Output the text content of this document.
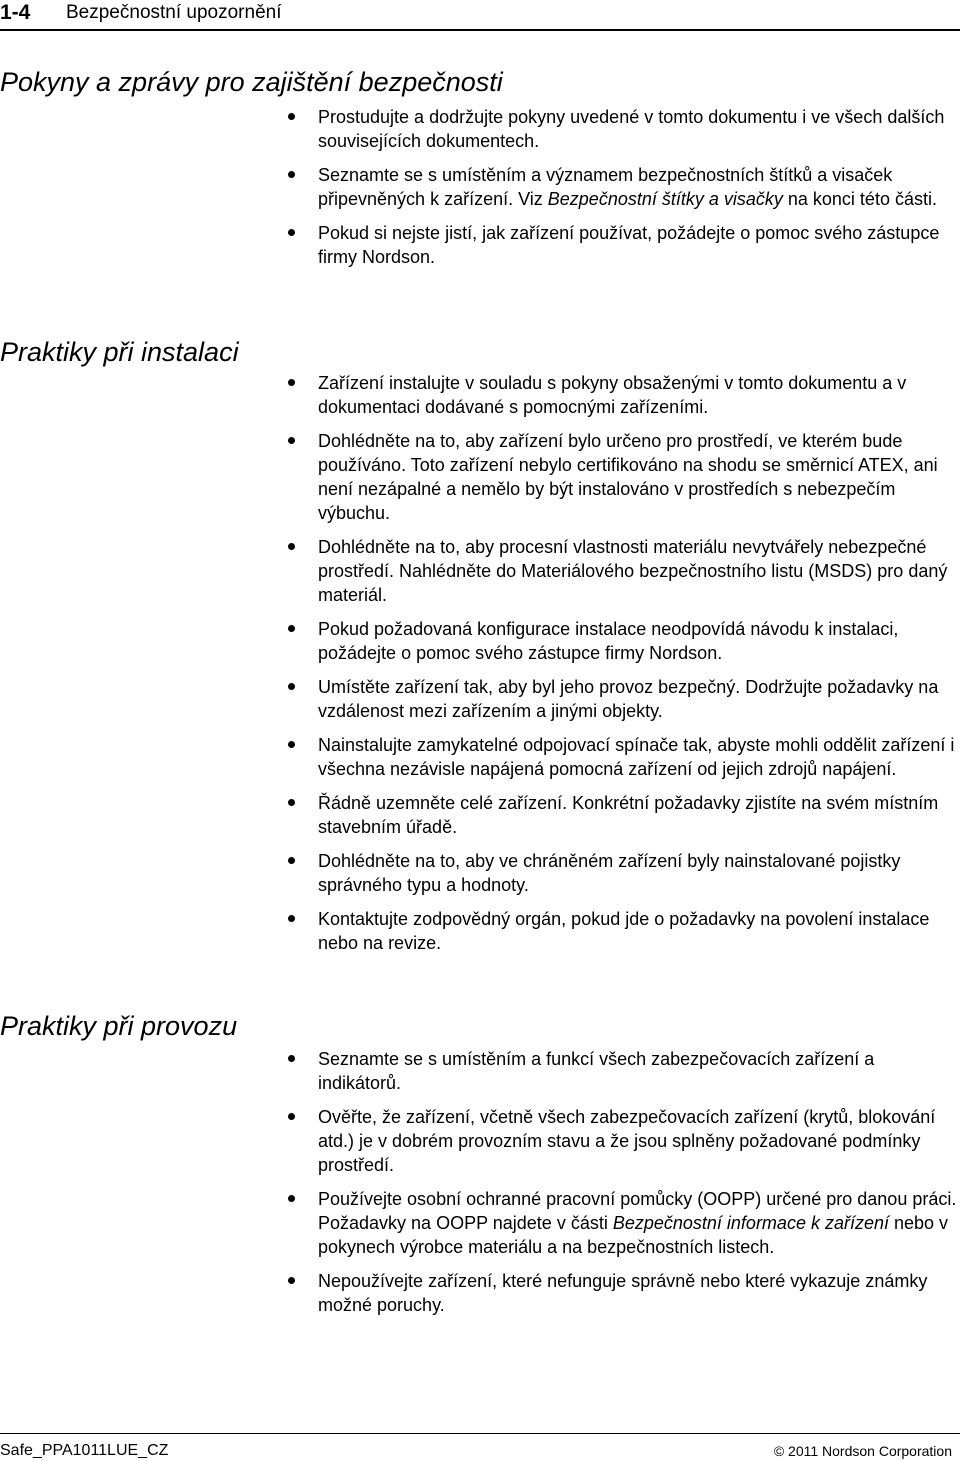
1-4 Bezpečnostní upozornění
Pokyny a zprávy pro zajištění bezpečnosti
Prostudujte a dodržujte pokyny uvedené v tomto dokumentu i ve všech dalších souvisejících dokumentech.
Seznamte se s umístěním a významem bezpečnostních štítků a visaček připevněných k zařízení. Viz Bezpečnostní štítky a visačky na konci této části.
Pokud si nejste jistí, jak zařízení používat, požádejte o pomoc svého zástupce firmy Nordson.
Praktiky při instalaci
Zařízení instalujte v souladu s pokyny obsaženými v tomto dokumentu a v dokumentaci dodávané s pomocnými zařízeními.
Dohlédněte na to, aby zařízení bylo určeno pro prostředí, ve kterém bude používáno. Toto zařízení nebylo certifikováno na shodu se směrnicí ATEX, ani není nezápalné a nemělo by být instalováno v prostředích s nebezpečím výbuchu.
Dohlédněte na to, aby procesní vlastnosti materiálu nevytvářely nebezpečné prostředí. Nahlédněte do Materiálového bezpečnostního listu (MSDS) pro daný materiál.
Pokud požadovaná konfigurace instalace neodpovídá návodu k instalaci, požádejte o pomoc svého zástupce firmy Nordson.
Umístěte zařízení tak, aby byl jeho provoz bezpečný. Dodržujte požadavky na vzdálenost mezi zařízením a jinými objekty.
Nainstalujte zamykatelné odpojovací spínače tak, abyste mohli oddělit zařízení i všechna nezávisle napájená pomocná zařízení od jejich zdrojů napájení.
Řádně uzemněte celé zařízení. Konkrétní požadavky zjistíte na svém místním stavebním úřadě.
Dohlédněte na to, aby ve chráněném zařízení byly nainstalované pojistky správného typu a hodnoty.
Kontaktujte zodpovědný orgán, pokud jde o požadavky na povolení instalace nebo na revize.
Praktiky při provozu
Seznamte se s umístěním a funkcí všech zabezpečovacích zařízení a indikátorů.
Ověřte, že zařízení, včetně všech zabezpečovacích zařízení (krytů, blokování atd.) je v dobrém provozním stavu a že jsou splněny požadované podmínky prostředí.
Používejte osobní ochranné pracovní pomůcky (OOPP) určené pro danou práci. Požadavky na OOPP najdete v části Bezpečnostní informace k zařízení nebo v pokynech výrobce materiálu a na bezpečnostních listech.
Nepoužívejte zařízení, které nefunguje správně nebo které vykazuje známky možné poruchy.
Safe_PPA1011LUE_CZ	© 2011 Nordson Corporation
